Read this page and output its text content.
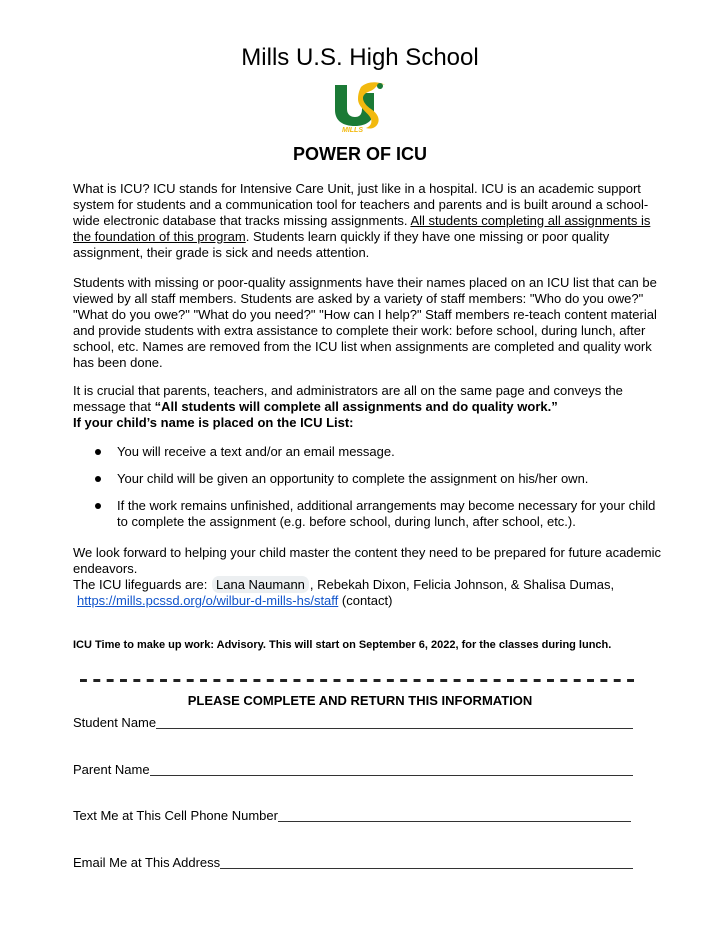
Mills U.S. High School
MILLS
POWER OF ICU

What is ICU? ICU stands for Intensive Care Unit, just like in a hospital. ICU is an academic support system for students and a communication tool for teachers and parents and is built around a school-wide electronic database that tracks missing assignments. All students completing all assignments is the foundation of this program. Students learn quickly if they have one missing or poor quality assignment, their grade is sick and needs attention.

Students with missing or poor-quality assignments have their names placed on an ICU list that can be viewed by all staff members. Students are asked by a variety of staff members: "Who do you owe?" "What do you owe?" "What do you need?" "How can I help?" Staff members re-teach content material and provide students with extra assistance to complete their work: before school, during lunch, after school, etc. Names are removed from the ICU list when assignments are completed and quality work has been done.

It is crucial that parents, teachers, and administrators are all on the same page and conveys the message that “All students will complete all assignments and do quality work.”
If your child’s name is placed on the ICU List:

You will receive a text and/or an email message.
Your child will be given an opportunity to complete the assignment on his/her own.
If the work remains unfinished, additional arrangements may become necessary for your child to complete the assignment (e.g. before school, during lunch, after school, etc.).

We look forward to helping your child master the content they need to be prepared for future academic endeavors.
The ICU lifeguards are: Lana Naumann , Rebekah Dixon, Felicia Johnson, & Shalisa Dumas,
https://mills.pcssd.org/o/wilbur-d-mills-hs/staff (contact)

ICU Time to make up work: Advisory. This will start on September 6, 2022, for the classes during lunch.

PLEASE COMPLETE AND RETURN THIS INFORMATION
Student Name
Parent Name
Text Me at This Cell Phone Number
Email Me at This Address
